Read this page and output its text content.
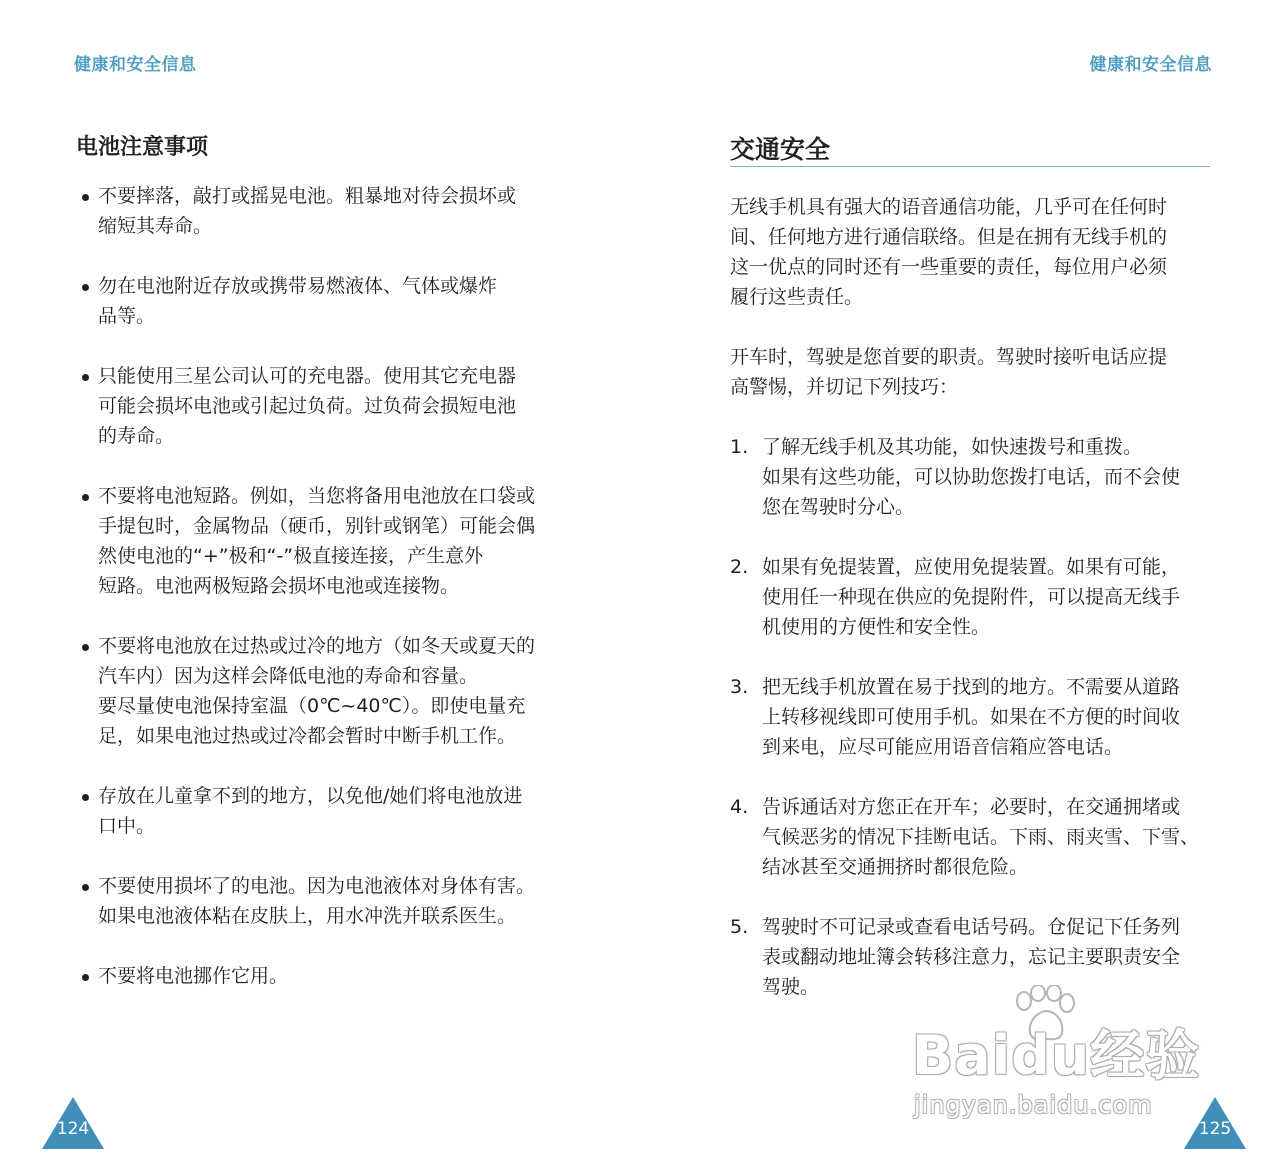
健康和安全信息
电池注意事项
不要摔落，敲打或摇晃电池。粗暴地对待会损坏或
缩短其寿命。
勿在电池附近存放或携带易燃液体、气体或爆炸
品等。
只能使用三星公司认可的充电器。使用其它充电器
可能会损坏电池或引起过负荷。过负荷会损短电池
的寿命。
不要将电池短路。例如，当您将备用电池放在口袋或
手提包时，金属物品（硬币，别针或钢笔）可能会偶
然使电池的“+”极和“-”极直接连接，产生意外
短路。电池两极短路会损坏电池或连接物。
不要将电池放在过热或过冷的地方（如冬天或夏天的
汽车内）因为这样会降低电池的寿命和容量。
要尽量使电池保持室温（0℃~40℃）。即使电量充
足，如果电池过热或过冷都会暂时中断手机工作。
存放在儿童拿不到的地方，以免他/她们将电池放进
口中。
不要使用损坏了的电池。因为电池液体对身体有害。
如果电池液体粘在皮肤上，用水冲洗并联系医生。
不要将电池挪作它用。
124
健康和安全信息
交通安全

无线手机具有强大的语音通信功能，几乎可在任何时
间、任何地方进行通信联络。但是在拥有无线手机的
这一优点的同时还有一些重要的责任，每位用户必须
履行这些责任。

开车时，驾驶是您首要的职责。驾驶时接听电话应提
高警惕，并切记下列技巧：

1. 了解无线手机及其功能，如快速拨号和重拨。
如果有这些功能，可以协助您拨打电话，而不会使
您在驾驶时分心。
2. 如果有免提装置，应使用免提装置。如果有可能，
使用任一种现在供应的免提附件，可以提高无线手
机使用的方便性和安全性。
3. 把无线手机放置在易于找到的地方。不需要从道路
上转移视线即可使用手机。如果在不方便的时间收
到来电，应尽可能应用语音信箱应答电话。
4. 告诉通话对方您正在开车；必要时，在交通拥堵或
气候恶劣的情况下挂断电话。下雨、雨夹雪、下雪、
结冰甚至交通拥挤时都很危险。
5. 驾驶时不可记录或查看电话号码。仓促记下任务列
表或翻动地址簿会转移注意力，忘记主要职责安全
驾驶。
125
Baidu经验
jingyan.baidu.com
